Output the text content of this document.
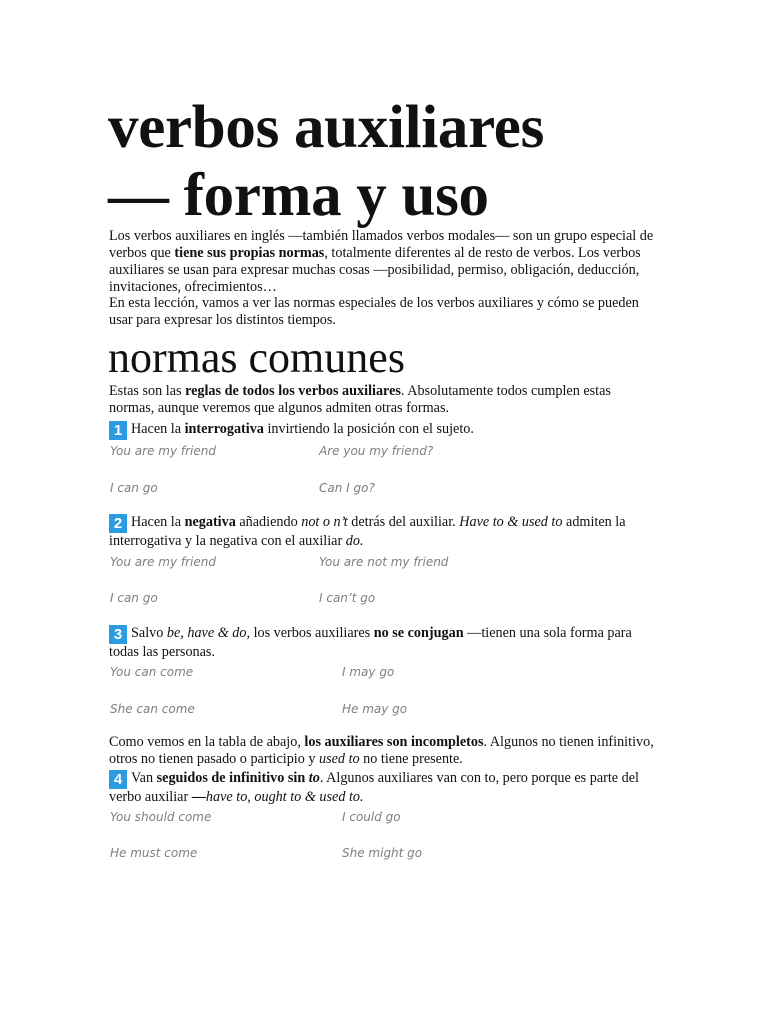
verbos auxiliares
— forma y uso
Los verbos auxiliares en inglés —también llamados verbos modales— son un grupo especial de verbos que tiene sus propias normas, totalmente diferentes al de resto de verbos. Los verbos auxiliares se usan para expresar muchas cosas —posibilidad, permiso, obligación, deducción, invitaciones, ofrecimientos…
En esta lección, vamos a ver las normas especiales de los verbos auxiliares y cómo se pueden usar para expresar los distintos tiempos.
normas comunes
Estas son las reglas de todos los verbos auxiliares. Absolutamente todos cumplen estas normas, aunque veremos que algunos admiten otras formas.
1 Hacen la interrogativa invirtiendo la posición con el sujeto.
You are my friend	Are you my friend?
I can go	Can I go?
2 Hacen la negativa añadiendo not o n’t detrás del auxiliar. Have to & used to admiten la interrogativa y la negativa con el auxiliar do.
You are my friend	You are not my friend
I can go	I can’t go
3 Salvo be, have & do, los verbos auxiliares no se conjugan —tienen una sola forma para todas las personas.
You can come	I may go
She can come	He may go
Como vemos en la tabla de abajo, los auxiliares son incompletos. Algunos no tienen infinitivo, otros no tienen pasado o participio y used to no tiene presente.
4 Van seguidos de infinitivo sin to. Algunos auxiliares van con to, pero porque es parte del verbo auxiliar —have to, ought to & used to.
You should come	I could go
He must come	She might go
